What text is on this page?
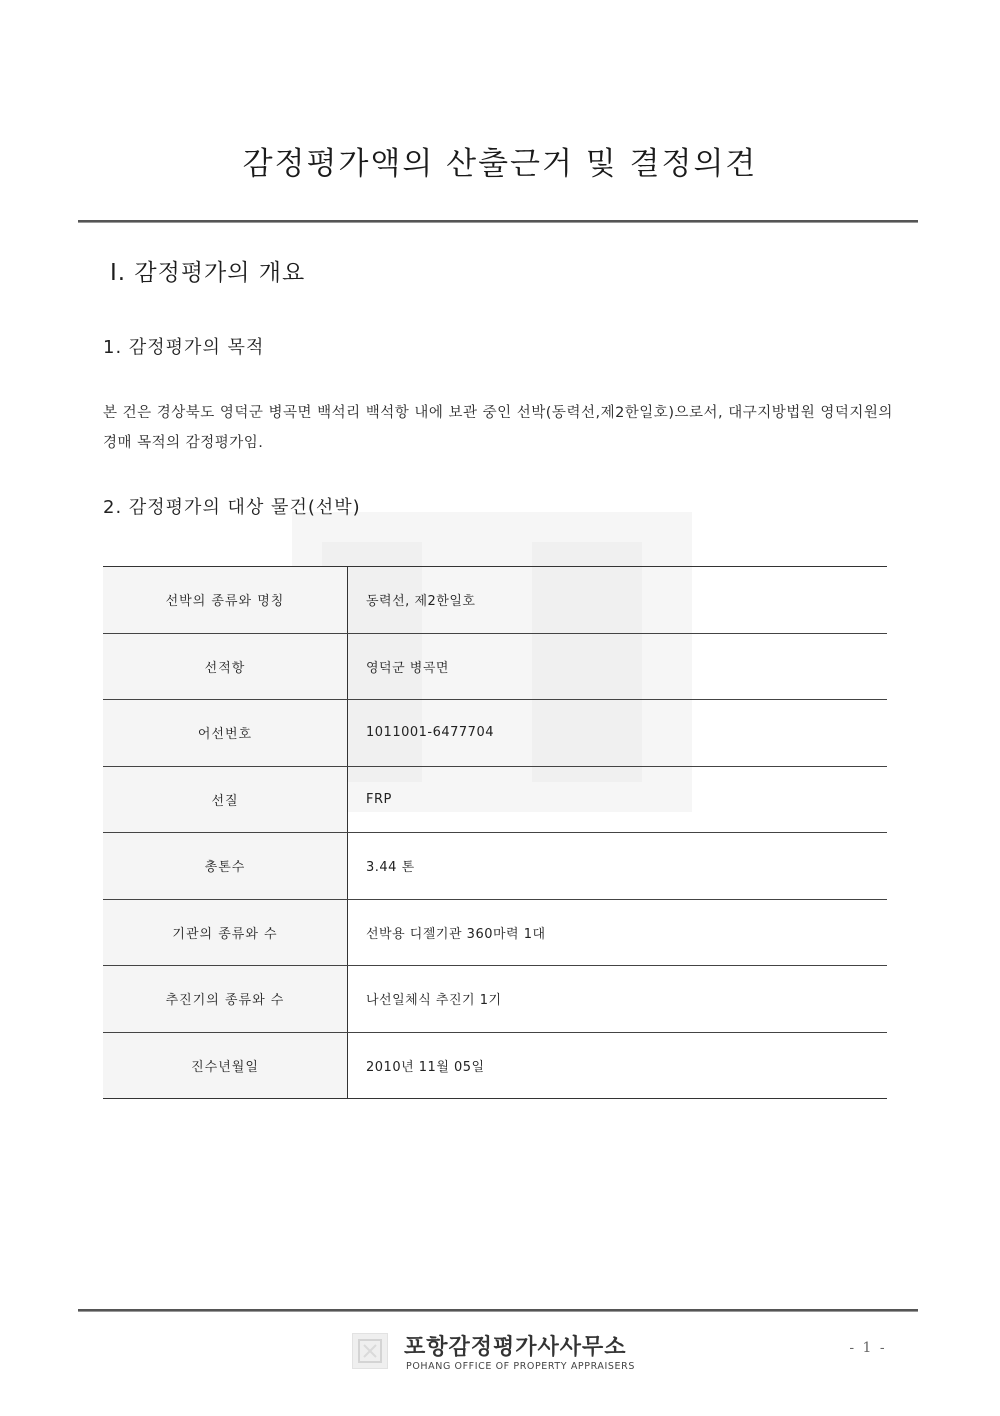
감정평가액의 산출근거 및 결정의견
Ⅰ. 감정평가의 개요
1. 감정평가의 목적

본 건은 경상북도 영덕군 병곡면 백석리 백석항 내에 보관 중인 선박(동력선,제2한일호)으로서, 대구지방법원 영덕지원의 경매 목적의 감정평가임.

2. 감정평가의 대상 물건(선박)
선박의 종류와 명칭	동력선, 제2한일호
선적항	영덕군 병곡면
어선번호	1011001-6477704
선질	FRP
총톤수	3.44 톤
기관의 종류와 수	선박용 디젤기관 360마력 1대
추진기의 종류와 수	나선일체식 추진기 1기
진수년월일	2010년 11월 05일
포항감정평가사사무소
POHANG OFFICE OF PROPERTY APPRAISERS
- 1 -
